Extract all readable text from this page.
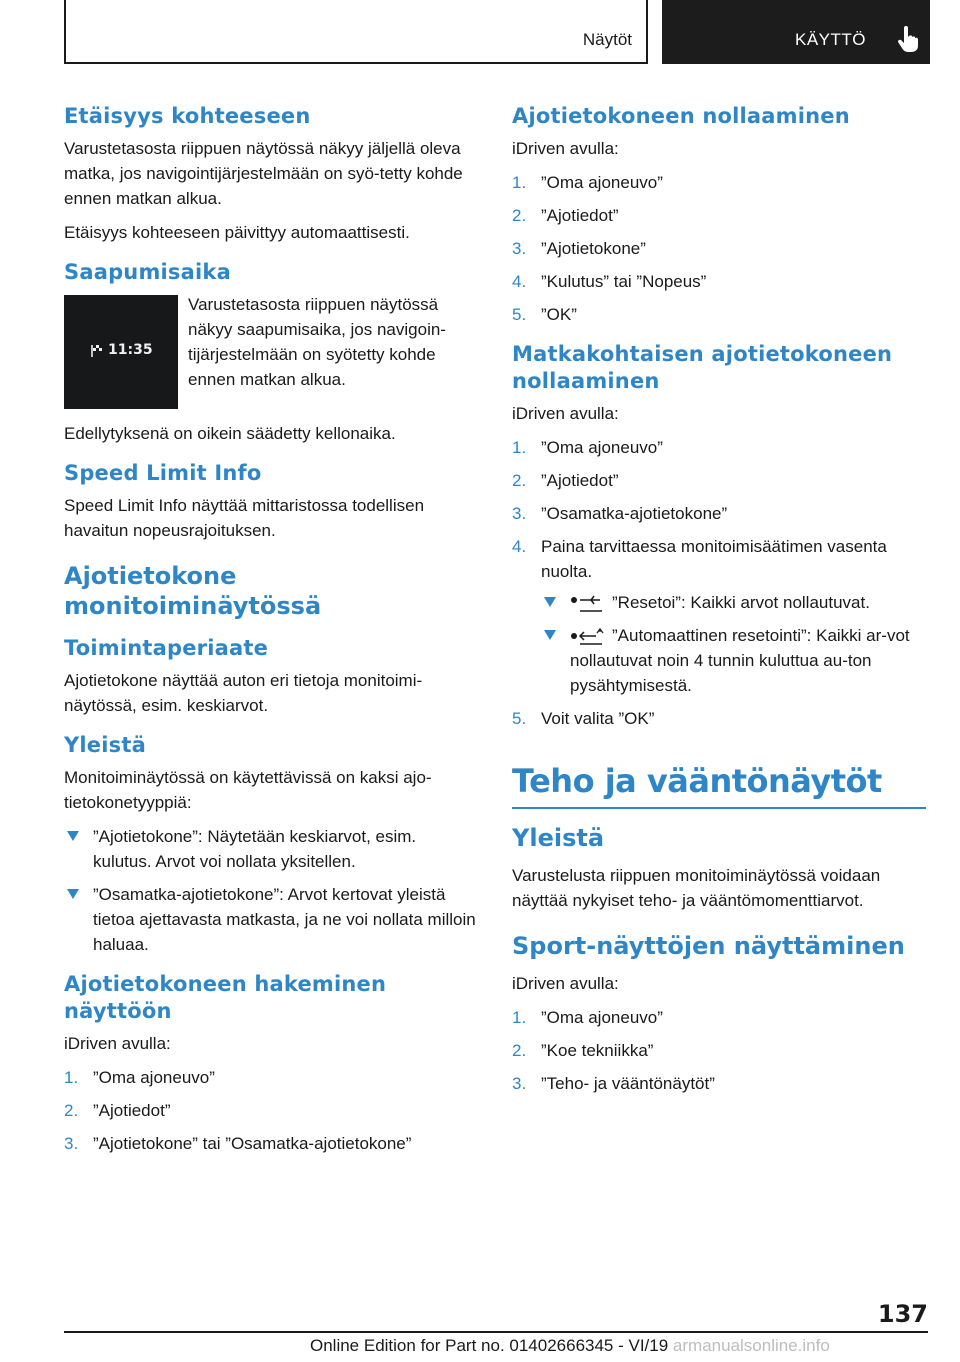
Näytöt	KÄYTTÖ
Etäisyys kohteeseen

Varustetasosta riippuen näytössä näkyy jäljellä oleva matka, jos navigointijärjestelmään on syö-tetty kohde ennen matkan alkua.

Etäisyys kohteeseen päivittyy automaattisesti.

Saapumisaika
11:35
Varustetasosta riippuen näytössä näkyy saapumisaika, jos navigoin-tijärjestelmään on syötetty kohde ennen matkan alkua.

Edellytyksenä on oikein säädetty kellonaika.

Speed Limit Info

Speed Limit Info näyttää mittaristossa todellisen havaitun nopeusrajoituksen.

Ajotietokone monitoiminäytössä
Toimintaperiaate

Ajotietokone näyttää auton eri tietoja monitoimi-näytössä, esim. keskiarvot.

Yleistä

Monitoiminäytössä on käytettävissä on kaksi ajo-tietokonetyyppiä:

”Ajotietokone”: Näytetään keskiarvot, esim. kulutus. Arvot voi nollata yksitellen.
”Osamatka-ajotietokone”: Arvot kertovat yleistä tietoa ajettavasta matkasta, ja ne voi nollata milloin haluaa.
Ajotietokoneen hakeminen näyttöön

iDriven avulla:

1. ”Oma ajoneuvo”
2. ”Ajotiedot”
3. ”Ajotietokone” tai ”Osamatka-ajotietokone”
Ajotietokoneen nollaaminen

iDriven avulla:

1. ”Oma ajoneuvo”
2. ”Ajotiedot”
3. ”Ajotietokone”
4. ”Kulutus” tai ”Nopeus”
5. ”OK”
Matkakohtaisen ajotietokoneen nollaaminen

iDriven avulla:

1. ”Oma ajoneuvo”
2. ”Ajotiedot”
3. ”Osamatka-ajotietokone”
4. Paina tarvittaessa monitoimisäätimen vasenta nuolta.
”Resetoi”: Kaikki arvot nollautuvat.
”Automaattinen resetointi”: Kaikki ar-vot nollautuvat noin 4 tunnin kuluttua au-ton pysähtymisestä.
5. Voit valita ”OK”
Teho ja vääntönäytöt
Yleistä

Varustelusta riippuen monitoiminäytössä voidaan näyttää nykyiset teho- ja vääntömomenttiarvot.

Sport-näyttöjen näyttäminen

iDriven avulla:

1. ”Oma ajoneuvo”
2. ”Koe tekniikka”
3. ”Teho- ja vääntönäytöt”
137
Online Edition for Part no. 01402666345 - VI/19 armanualsonline.info
